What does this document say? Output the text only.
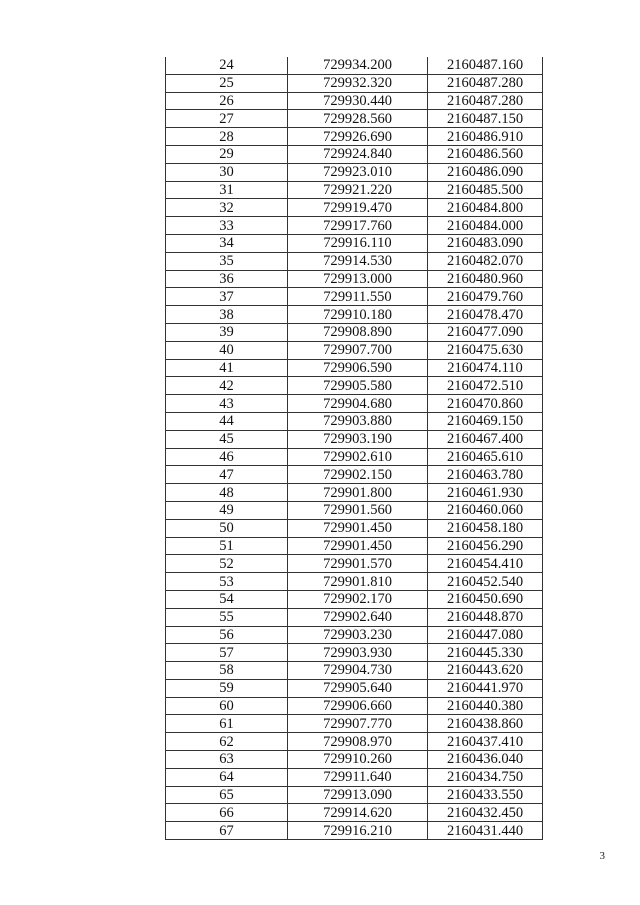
24	729934.200	2160487.160
25	729932.320	2160487.280
26	729930.440	2160487.280
27	729928.560	2160487.150
28	729926.690	2160486.910
29	729924.840	2160486.560
30	729923.010	2160486.090
31	729921.220	2160485.500
32	729919.470	2160484.800
33	729917.760	2160484.000
34	729916.110	2160483.090
35	729914.530	2160482.070
36	729913.000	2160480.960
37	729911.550	2160479.760
38	729910.180	2160478.470
39	729908.890	2160477.090
40	729907.700	2160475.630
41	729906.590	2160474.110
42	729905.580	2160472.510
43	729904.680	2160470.860
44	729903.880	2160469.150
45	729903.190	2160467.400
46	729902.610	2160465.610
47	729902.150	2160463.780
48	729901.800	2160461.930
49	729901.560	2160460.060
50	729901.450	2160458.180
51	729901.450	2160456.290
52	729901.570	2160454.410
53	729901.810	2160452.540
54	729902.170	2160450.690
55	729902.640	2160448.870
56	729903.230	2160447.080
57	729903.930	2160445.330
58	729904.730	2160443.620
59	729905.640	2160441.970
60	729906.660	2160440.380
61	729907.770	2160438.860
62	729908.970	2160437.410
63	729910.260	2160436.040
64	729911.640	2160434.750
65	729913.090	2160433.550
66	729914.620	2160432.450
67	729916.210	2160431.440
3
